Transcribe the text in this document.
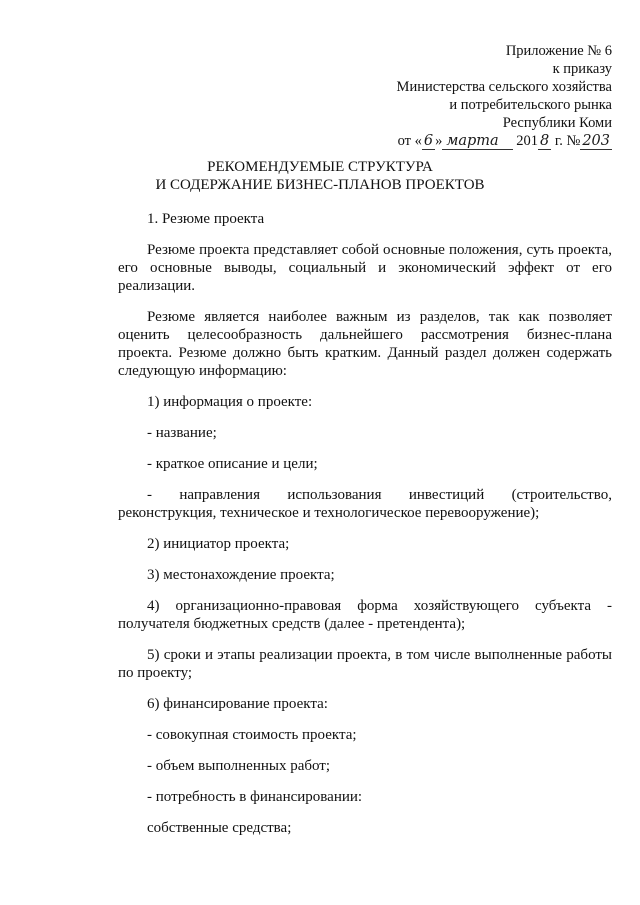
Приложение № 6
к приказу
Министерства сельского хозяйства
и потребительского рынка
Республики Коми
от « 6 » марта 201 8 г. № 203
РЕКОМЕНДУЕМЫЕ СТРУКТУРА
И СОДЕРЖАНИЕ БИЗНЕС-ПЛАНОВ ПРОЕКТОВ

1. Резюме проекта

Резюме проекта представляет собой основные положения, суть проекта, его основные выводы, социальный и экономический эффект от его реализации.

Резюме является наиболее важным из разделов, так как позволяет оценить целесообразность дальнейшего рассмотрения бизнес-плана проекта. Резюме должно быть кратким. Данный раздел должен содержать следующую информацию:

1) информация о проекте:

- название;

- краткое описание и цели;

- направления использования инвестиций (строительство,

реконструкция, техническое и технологическое перевооружение);

2) инициатор проекта;

3) местонахождение проекта;

4) организационно-правовая форма хозяйствующего субъекта - получателя бюджетных средств (далее - претендента);

5) сроки и этапы реализации проекта, в том числе выполненные работы по проекту;

6) финансирование проекта:

- совокупная стоимость проекта;

- объем выполненных работ;

- потребность в финансировании:

собственные средства;
